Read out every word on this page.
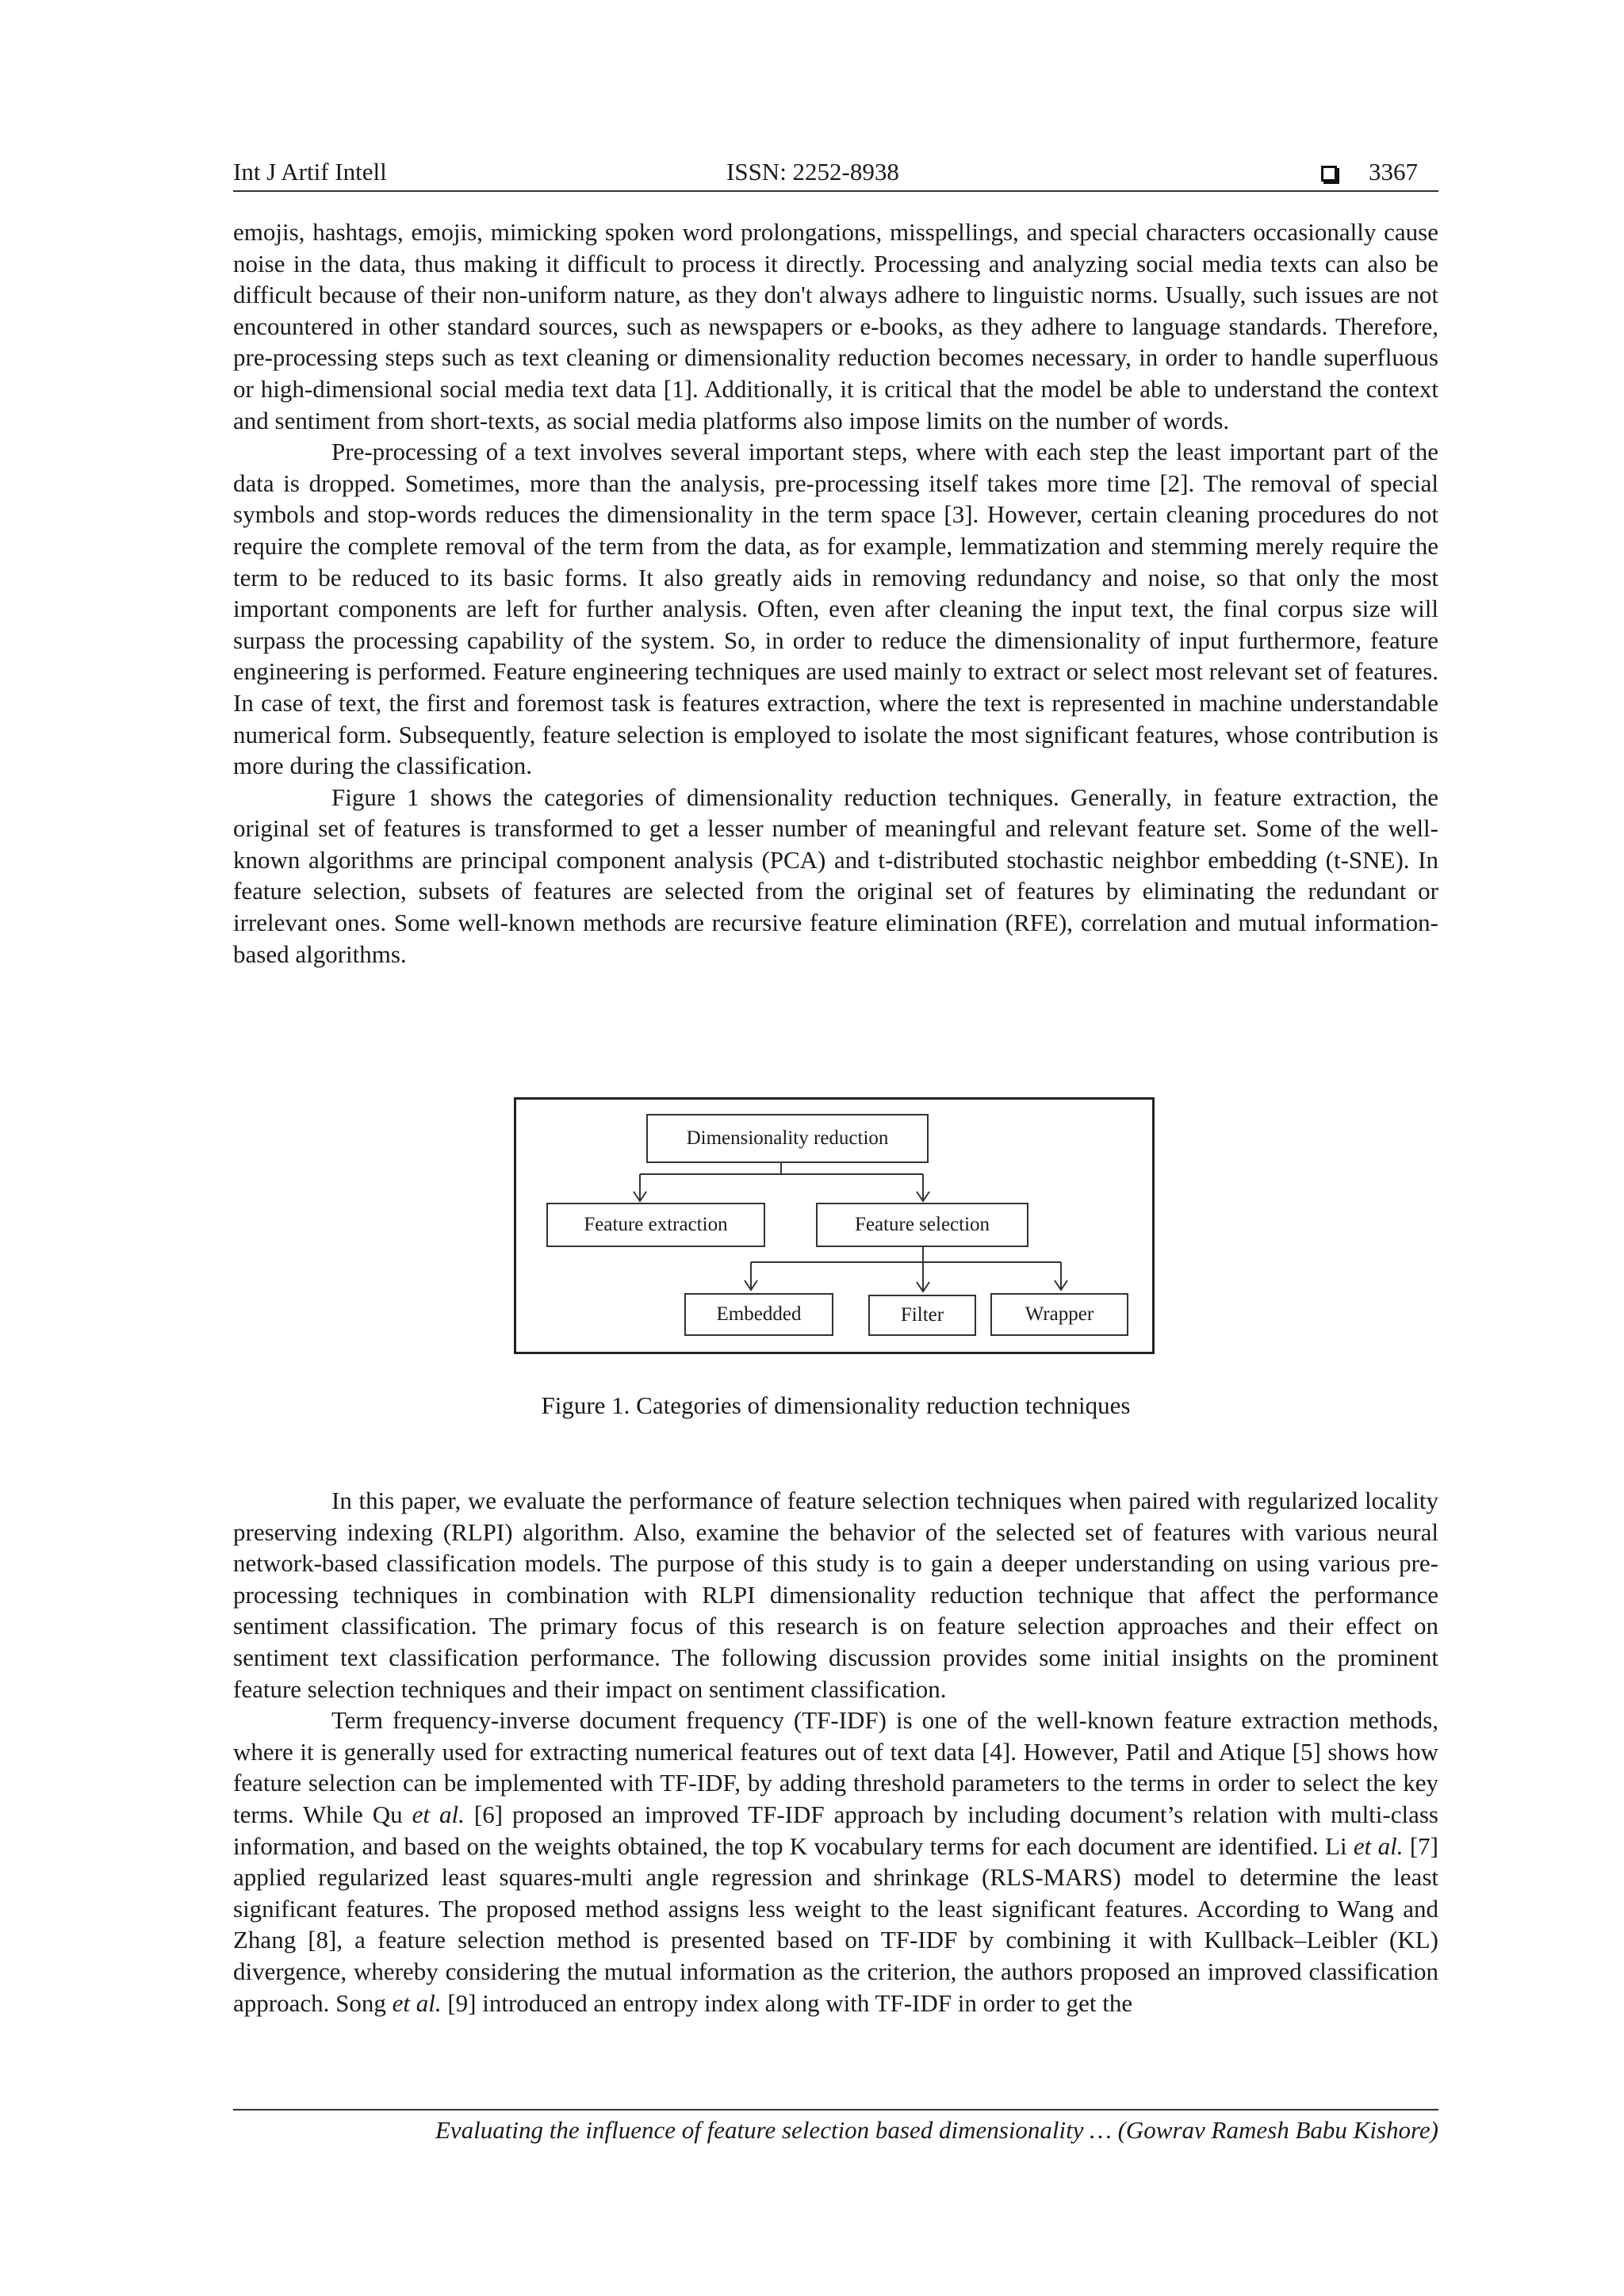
Int J Artif Intell	ISSN: 2252-8938	3367

emojis, hashtags, emojis, mimicking spoken word prolongations, misspellings, and special characters occasionally cause noise in the data, thus making it difficult to process it directly. Processing and analyzing social media texts can also be difficult because of their non-uniform nature, as they don't always adhere to linguistic norms. Usually, such issues are not encountered in other standard sources, such as newspapers or e-books, as they adhere to language standards. Therefore, pre-processing steps such as text cleaning or dimensionality reduction becomes necessary, in order to handle superfluous or high-dimensional social media text data [1]. Additionally, it is critical that the model be able to understand the context and sentiment from short-texts, as social media platforms also impose limits on the number of words.

Pre-processing of a text involves several important steps, where with each step the least important part of the data is dropped. Sometimes, more than the analysis, pre-processing itself takes more time [2]. The removal of special symbols and stop-words reduces the dimensionality in the term space [3]. However, certain cleaning procedures do not require the complete removal of the term from the data, as for example, lemmatization and stemming merely require the term to be reduced to its basic forms. It also greatly aids in removing redundancy and noise, so that only the most important components are left for further analysis. Often, even after cleaning the input text, the final corpus size will surpass the processing capability of the system. So, in order to reduce the dimensionality of input furthermore, feature engineering is performed. Feature engineering techniques are used mainly to extract or select most relevant set of features. In case of text, the first and foremost task is features extraction, where the text is represented in machine understandable numerical form. Subsequently, feature selection is employed to isolate the most significant features, whose contribution is more during the classification.

Figure 1 shows the categories of dimensionality reduction techniques. Generally, in feature extraction, the original set of features is transformed to get a lesser number of meaningful and relevant feature set. Some of the well-known algorithms are principal component analysis (PCA) and t-distributed stochastic neighbor embedding (t-SNE). In feature selection, subsets of features are selected from the original set of features by eliminating the redundant or irrelevant ones. Some well-known methods are recursive feature elimination (RFE), correlation and mutual information-based algorithms.

Dimensionality reduction
Feature extraction	Feature selection
Embedded	Filter	Wrapper
Figure 1. Categories of dimensionality reduction techniques

In this paper, we evaluate the performance of feature selection techniques when paired with regularized locality preserving indexing (RLPI) algorithm. Also, examine the behavior of the selected set of features with various neural network-based classification models. The purpose of this study is to gain a deeper understanding on using various pre-processing techniques in combination with RLPI dimensionality reduction technique that affect the performance sentiment classification. The primary focus of this research is on feature selection approaches and their effect on sentiment text classification performance. The following discussion provides some initial insights on the prominent feature selection techniques and their impact on sentiment classification.

Term frequency-inverse document frequency (TF-IDF) is one of the well-known feature extraction methods, where it is generally used for extracting numerical features out of text data [4]. However, Patil and Atique [5] shows how feature selection can be implemented with TF-IDF, by adding threshold parameters to the terms in order to select the key terms. While Qu et al. [6] proposed an improved TF-IDF approach by including document’s relation with multi-class information, and based on the weights obtained, the top K vocabulary terms for each document are identified. Li et al. [7] applied regularized least squares-multi angle regression and shrinkage (RLS-MARS) model to determine the least significant features. The proposed method assigns less weight to the least significant features. According to Wang and Zhang [8], a feature selection method is presented based on TF-IDF by combining it with Kullback–Leibler (KL) divergence, whereby considering the mutual information as the criterion, the authors proposed an improved classification approach. Song et al. [9] introduced an entropy index along with TF-IDF in order to get the

Evaluating the influence of feature selection based dimensionality … (Gowrav Ramesh Babu Kishore)
